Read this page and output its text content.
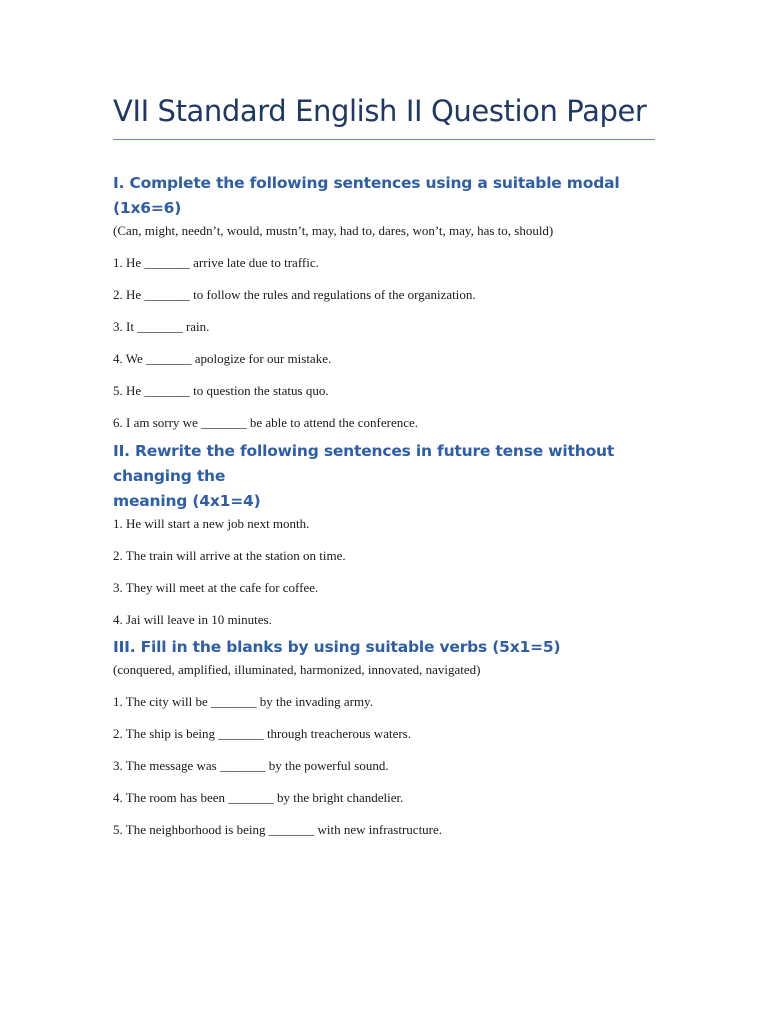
VII Standard English II Question Paper
I. Complete the following sentences using a suitable modal (1x6=6)

(Can, might, needn’t, would, mustn’t, may, had to, dares, won’t, may, has to, should)

1. He _______ arrive late due to traffic.
2. He _______ to follow the rules and regulations of the organization.
3. It _______ rain.
4. We _______ apologize for our mistake.
5. He _______ to question the status quo.
6. I am sorry we _______ be able to attend the conference.
II. Rewrite the following sentences in future tense without changing the
meaning (4x1=4)
1. He will start a new job next month.
2. The train will arrive at the station on time.
3. They will meet at the cafe for coffee.
4. Jai will leave in 10 minutes.
III. Fill in the blanks by using suitable verbs (5x1=5)

(conquered, amplified, illuminated, harmonized, innovated, navigated)

1. The city will be _______ by the invading army.
2. The ship is being _______ through treacherous waters.
3. The message was _______ by the powerful sound.
4. The room has been _______ by the bright chandelier.
5. The neighborhood is being _______ with new infrastructure.
